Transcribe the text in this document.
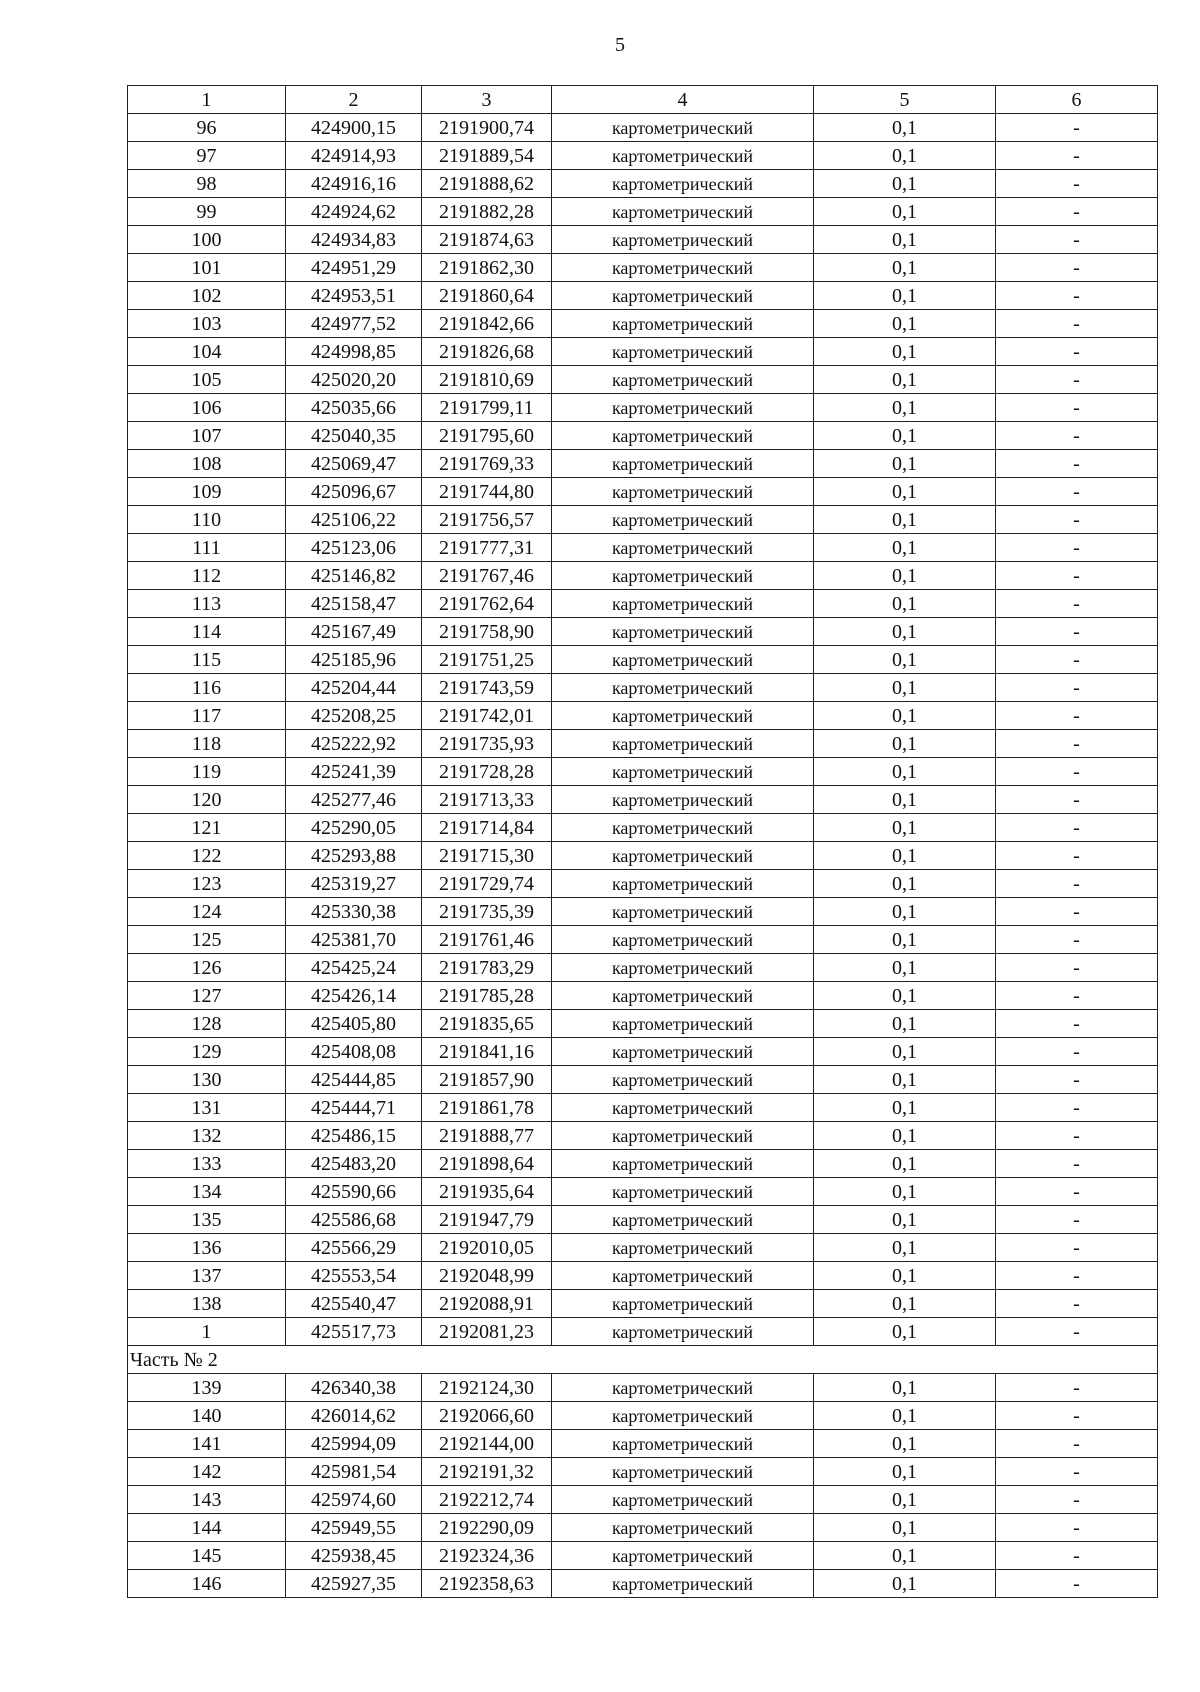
5
1	2	3	4	5	6
96	424900,15	2191900,74	картометрический	0,1	-
97	424914,93	2191889,54	картометрический	0,1	-
98	424916,16	2191888,62	картометрический	0,1	-
99	424924,62	2191882,28	картометрический	0,1	-
100	424934,83	2191874,63	картометрический	0,1	-
101	424951,29	2191862,30	картометрический	0,1	-
102	424953,51	2191860,64	картометрический	0,1	-
103	424977,52	2191842,66	картометрический	0,1	-
104	424998,85	2191826,68	картометрический	0,1	-
105	425020,20	2191810,69	картометрический	0,1	-
106	425035,66	2191799,11	картометрический	0,1	-
107	425040,35	2191795,60	картометрический	0,1	-
108	425069,47	2191769,33	картометрический	0,1	-
109	425096,67	2191744,80	картометрический	0,1	-
110	425106,22	2191756,57	картометрический	0,1	-
111	425123,06	2191777,31	картометрический	0,1	-
112	425146,82	2191767,46	картометрический	0,1	-
113	425158,47	2191762,64	картометрический	0,1	-
114	425167,49	2191758,90	картометрический	0,1	-
115	425185,96	2191751,25	картометрический	0,1	-
116	425204,44	2191743,59	картометрический	0,1	-
117	425208,25	2191742,01	картометрический	0,1	-
118	425222,92	2191735,93	картометрический	0,1	-
119	425241,39	2191728,28	картометрический	0,1	-
120	425277,46	2191713,33	картометрический	0,1	-
121	425290,05	2191714,84	картометрический	0,1	-
122	425293,88	2191715,30	картометрический	0,1	-
123	425319,27	2191729,74	картометрический	0,1	-
124	425330,38	2191735,39	картометрический	0,1	-
125	425381,70	2191761,46	картометрический	0,1	-
126	425425,24	2191783,29	картометрический	0,1	-
127	425426,14	2191785,28	картометрический	0,1	-
128	425405,80	2191835,65	картометрический	0,1	-
129	425408,08	2191841,16	картометрический	0,1	-
130	425444,85	2191857,90	картометрический	0,1	-
131	425444,71	2191861,78	картометрический	0,1	-
132	425486,15	2191888,77	картометрический	0,1	-
133	425483,20	2191898,64	картометрический	0,1	-
134	425590,66	2191935,64	картометрический	0,1	-
135	425586,68	2191947,79	картометрический	0,1	-
136	425566,29	2192010,05	картометрический	0,1	-
137	425553,54	2192048,99	картометрический	0,1	-
138	425540,47	2192088,91	картометрический	0,1	-
1	425517,73	2192081,23	картометрический	0,1	-
Часть № 2					
139	426340,38	2192124,30	картометрический	0,1	-
140	426014,62	2192066,60	картометрический	0,1	-
141	425994,09	2192144,00	картометрический	0,1	-
142	425981,54	2192191,32	картометрический	0,1	-
143	425974,60	2192212,74	картометрический	0,1	-
144	425949,55	2192290,09	картометрический	0,1	-
145	425938,45	2192324,36	картометрический	0,1	-
146	425927,35	2192358,63	картометрический	0,1	-
